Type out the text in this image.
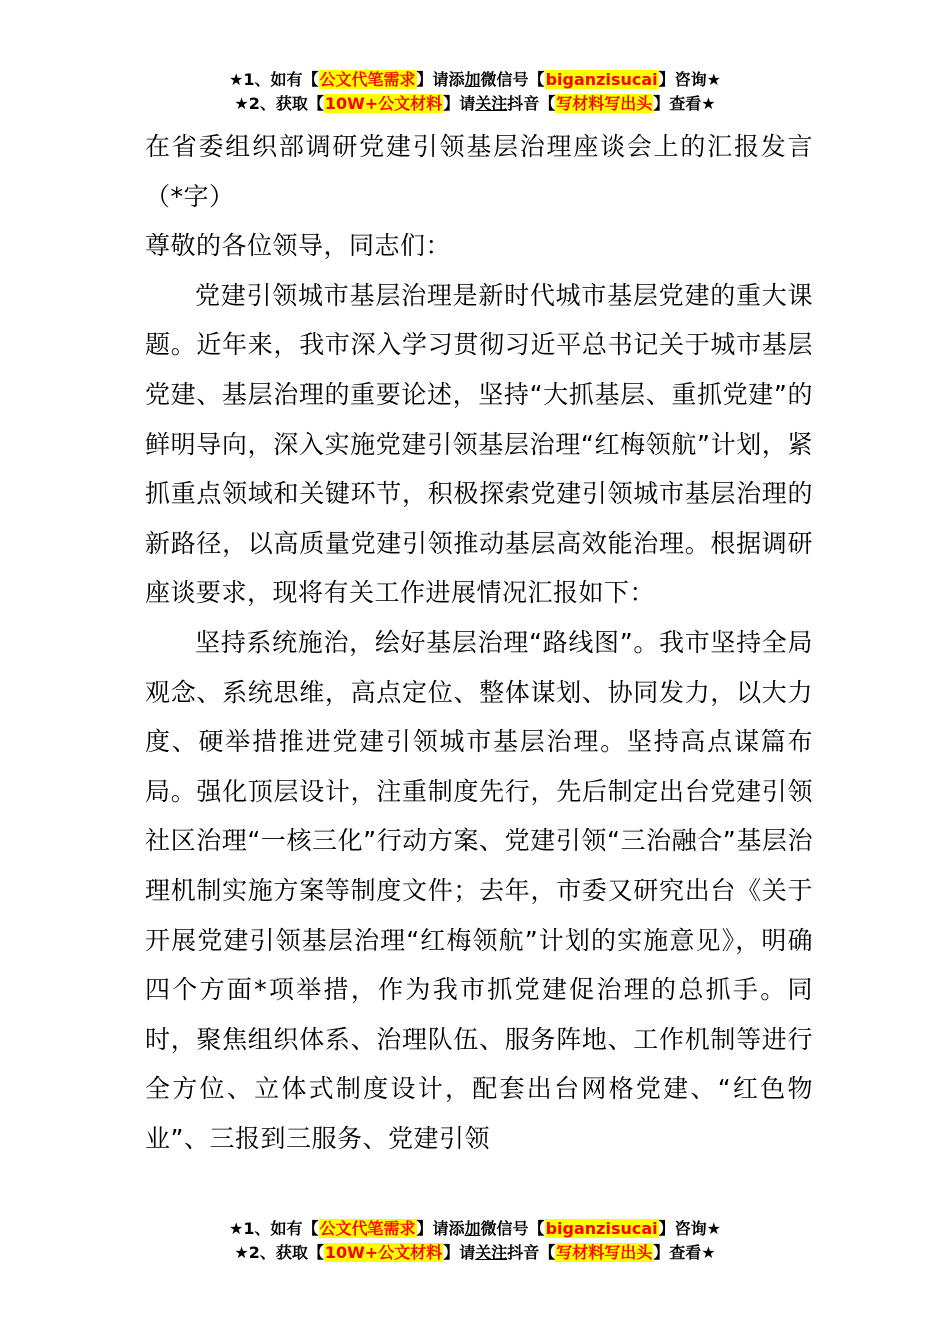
★1、如有【公文代笔需求】请添加微信号【biganzisucai】咨询★
★2、获取【10W+公文材料】请关注抖音【写材料写出头】查看★

在省委组织部调研党建引领基层治理座谈会上的汇报发言（*字）

尊敬的各位领导，同志们：

党建引领城市基层治理是新时代城市基层党建的重大课题。近年来，我市深入学习贯彻习近平总书记关于城市基层党建、基层治理的重要论述，坚持“大抓基层、重抓党建”的鲜明导向，深入实施党建引领基层治理“红梅领航”计划，紧抓重点领域和关键环节，积极探索党建引领城市基层治理的新路径，以高质量党建引领推动基层高效能治理。根据调研座谈要求，现将有关工作进展情况汇报如下：

坚持系统施治，绘好基层治理“路线图”。我市坚持全局观念、系统思维，高点定位、整体谋划、协同发力，以大力度、硬举措推进党建引领城市基层治理。坚持高点谋篇布局。强化顶层设计，注重制度先行，先后制定出台党建引领社区治理“一核三化”行动方案、党建引领“三治融合”基层治理机制实施方案等制度文件；去年，市委又研究出台《关于开展党建引领基层治理“红梅领航”计划的实施意见》，明确四个方面*项举措，作为我市抓党建促治理的总抓手。同时，聚焦组织体系、治理队伍、服务阵地、工作机制等进行全方位、立体式制度设计，配套出台网格党建、“红色物业”、三报到三服务、党建引领

★1、如有【公文代笔需求】请添加微信号【biganzisucai】咨询★
★2、获取【10W+公文材料】请关注抖音【写材料写出头】查看★
